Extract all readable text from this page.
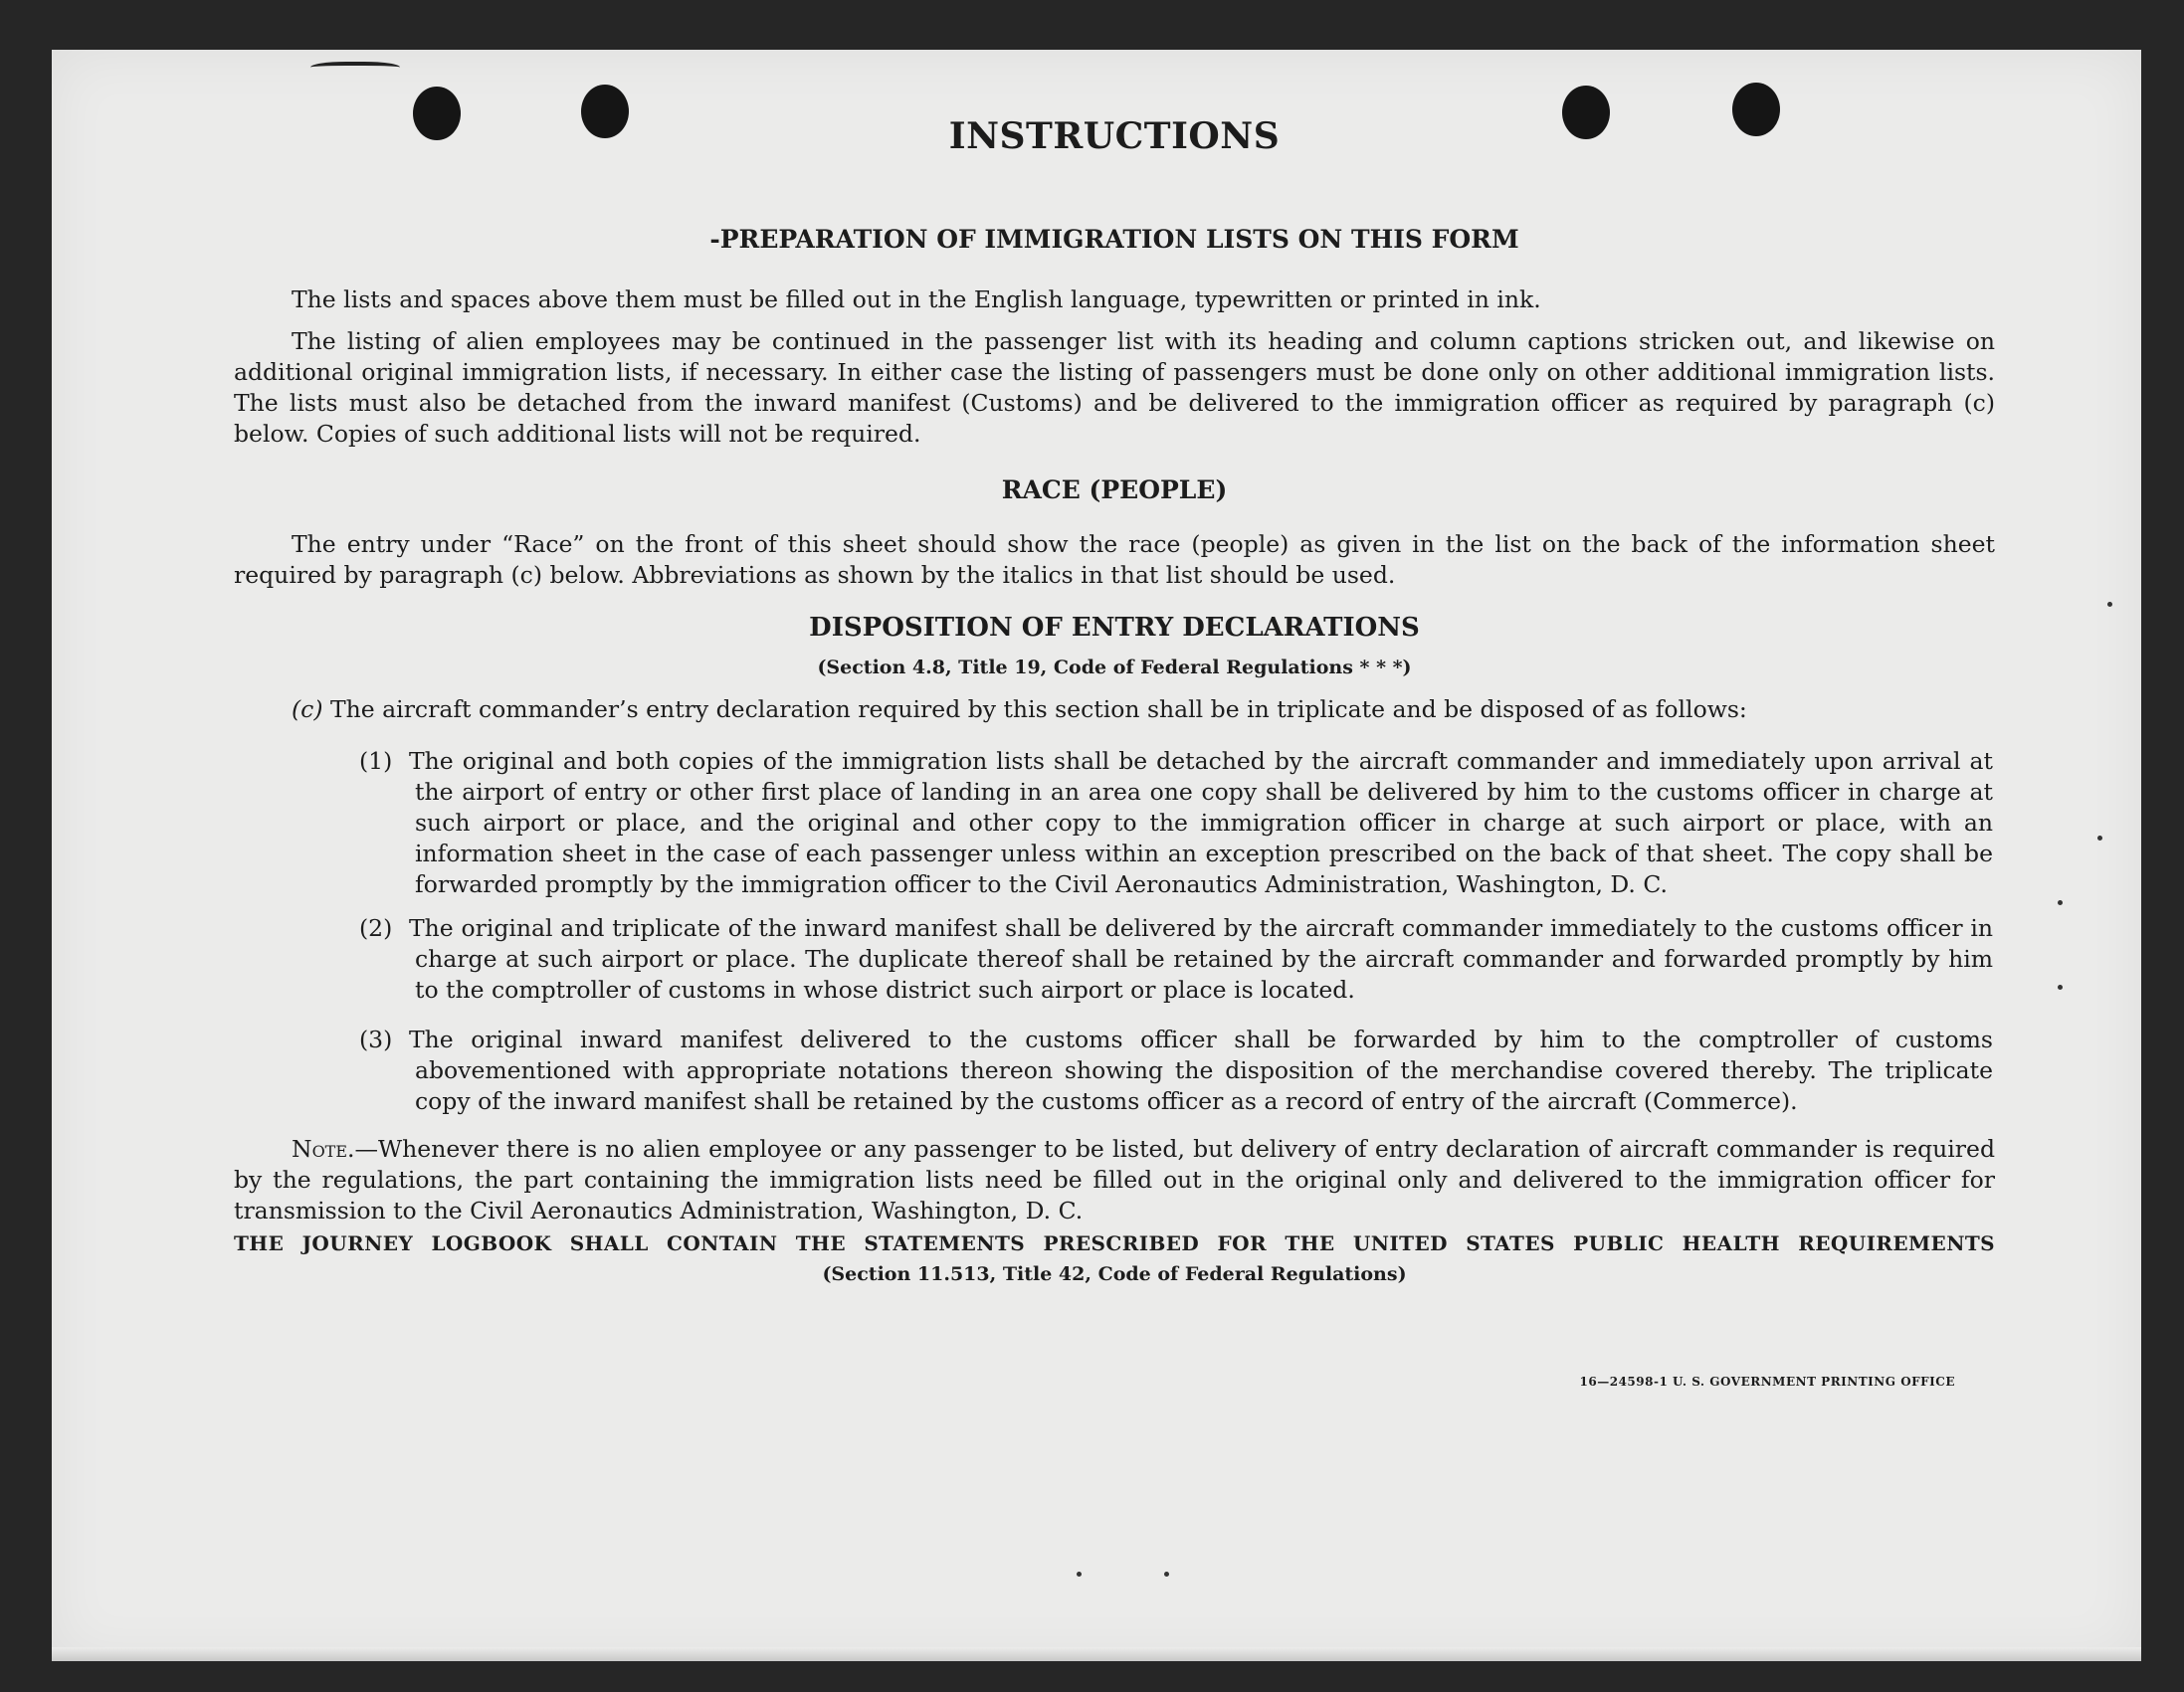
INSTRUCTIONS
-PREPARATION OF IMMIGRATION LISTS ON THIS FORM
The lists and spaces above them must be filled out in the English language, typewritten or printed in ink.
The listing of alien employees may be continued in the passenger list with its heading and column captions stricken out, and likewise on additional original immigration lists, if necessary. In either case the listing of passengers must be done only on other additional immigration lists. The lists must also be detached from the inward manifest (Customs) and be delivered to the immigration officer as required by paragraph (c) below. Copies of such additional lists will not be required.
RACE (PEOPLE)
The entry under “Race” on the front of this sheet should show the race (people) as given in the list on the back of the information sheet required by paragraph (c) below. Abbreviations as shown by the italics in that list should be used.
DISPOSITION OF ENTRY DECLARATIONS
(Section 4.8, Title 19, Code of Federal Regulations * * *)
(c) The aircraft commander’s entry declaration required by this section shall be in triplicate and be disposed of as follows:
(1) The original and both copies of the immigration lists shall be detached by the aircraft commander and immediately upon arrival at the airport of entry or other first place of landing in an area one copy shall be delivered by him to the customs officer in charge at such airport or place, and the original and other copy to the immigration officer in charge at such airport or place, with an information sheet in the case of each passenger unless within an exception prescribed on the back of that sheet. The copy shall be forwarded promptly by the immigration officer to the Civil Aeronautics Administration, Washington, D. C.
(2) The original and triplicate of the inward manifest shall be delivered by the aircraft commander immediately to the customs officer in charge at such airport or place. The duplicate thereof shall be retained by the aircraft commander and forwarded promptly by him to the comptroller of customs in whose district such airport or place is located.
(3) The original inward manifest delivered to the customs officer shall be forwarded by him to the comptroller of customs abovementioned with appropriate notations thereon showing the disposition of the merchandise covered thereby. The triplicate copy of the inward manifest shall be retained by the customs officer as a record of entry of the aircraft (Commerce).
Note.—Whenever there is no alien employee or any passenger to be listed, but delivery of entry declaration of aircraft commander is required by the regulations, the part containing the immigration lists need be filled out in the original only and delivered to the immigration officer for transmission to the Civil Aeronautics Administration, Washington, D. C.
THE JOURNEY LOGBOOK SHALL CONTAIN THE STATEMENTS PRESCRIBED FOR THE UNITED STATES PUBLIC HEALTH REQUIREMENTS
(Section 11.513, Title 42, Code of Federal Regulations)
16—24598-1 U. S. GOVERNMENT PRINTING OFFICE
